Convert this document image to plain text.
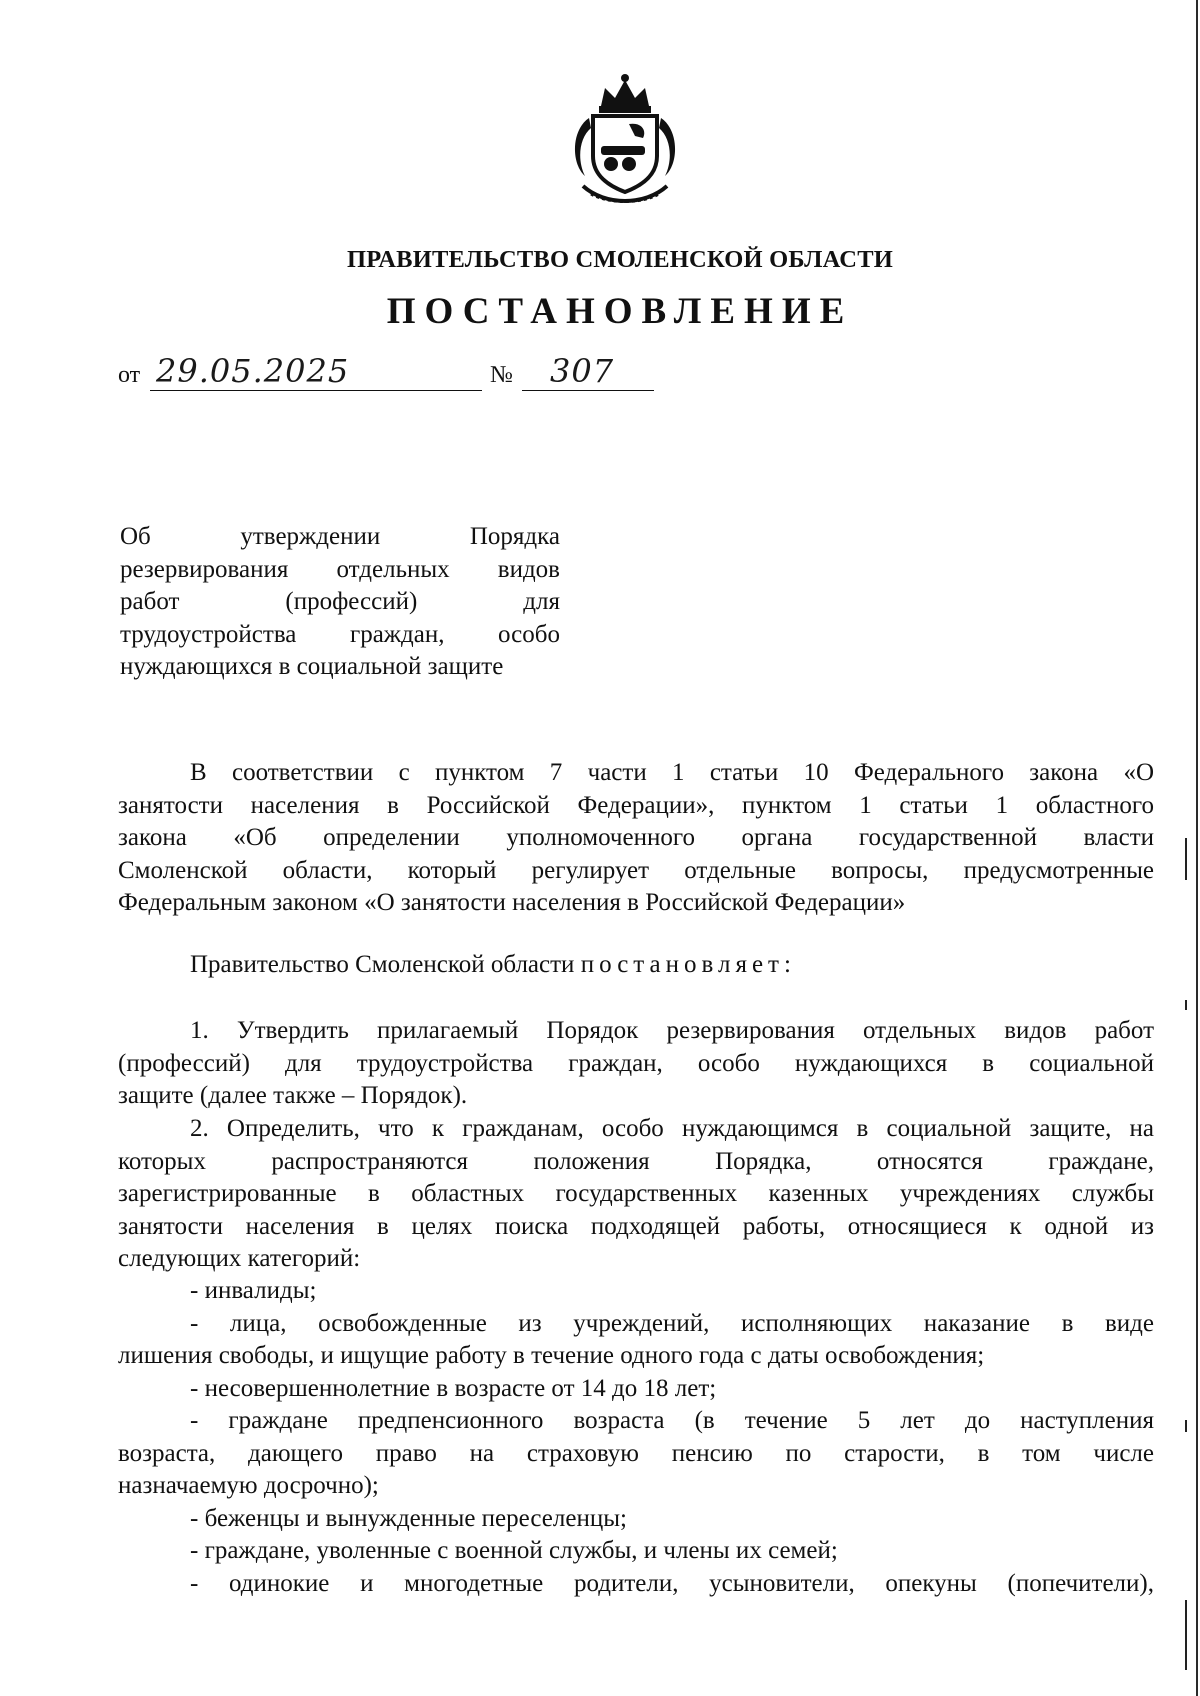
ПРАВИТЕЛЬСТВО СМОЛЕНСКОЙ ОБЛАСТИ
ПОСТАНОВЛЕНИЕ
от 29.05.2025	№ 307
Об утверждении Порядка
резервирования отдельных видов
работ (профессий) для
трудоустройства граждан, особо
нуждающихся в социальной защите
В соответствии с пунктом 7 части 1 статьи 10 Федерального закона «О
занятости населения в Российской Федерации», пунктом 1 статьи 1 областного
закона «Об определении уполномоченного органа государственной власти
Смоленской области, который регулирует отдельные вопросы, предусмотренные
Федеральным законом «О занятости населения в Российской Федерации»
Правительство Смоленской области постановляет:
1. Утвердить прилагаемый Порядок резервирования отдельных видов работ
(профессий) для трудоустройства граждан, особо нуждающихся в социальной
защите (далее также – Порядок).
2. Определить, что к гражданам, особо нуждающимся в социальной защите, на
которых распространяются положения Порядка, относятся граждане,
зарегистрированные в областных государственных казенных учреждениях службы
занятости населения в целях поиска подходящей работы, относящиеся к одной из
следующих категорий:
- инвалиды;
- лица, освобожденные из учреждений, исполняющих наказание в виде
лишения свободы, и ищущие работу в течение одного года с даты освобождения;
- несовершеннолетние в возрасте от 14 до 18 лет;
- граждане предпенсионного возраста (в течение 5 лет до наступления
возраста, дающего право на страховую пенсию по старости, в том числе
назначаемую досрочно);
- беженцы и вынужденные переселенцы;
- граждане, уволенные с военной службы, и члены их семей;
- одинокие и многодетные родители, усыновители, опекуны (попечители),
